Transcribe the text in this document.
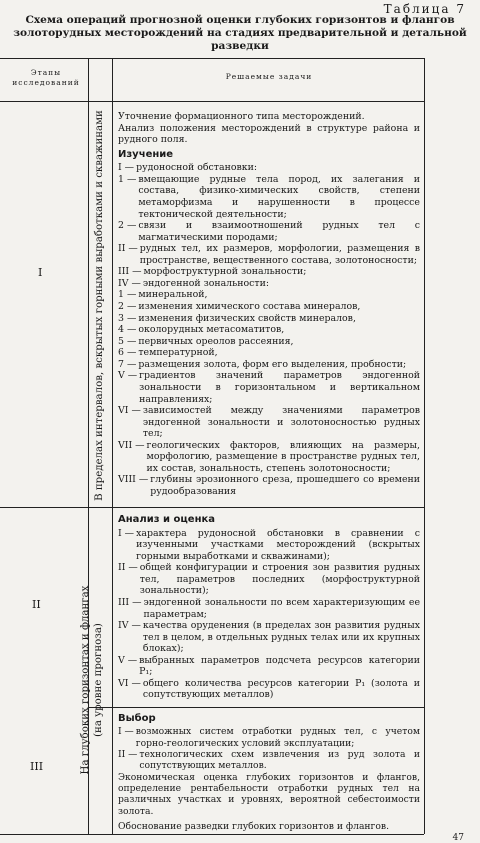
Таблица 7
Схема операций прогнозной оценки глубоких горизонтов и флангов
золоторудных месторождений на стадиях предварительной и детальной разведки
Этапы
исследований
Решаемые задачи
I
II
III
В пределах интервалов, вскрытых горными выработками и скважинами
На глубоких горизонтах и флангах (на уровне прогноза)

Уточнение формационного типа месторождений.

Анализ положения месторождений в структуре района и рудного поля.

Изучение

I — рудоносной обстановки:
1 — вмещающие рудные тела пород, их залегания и состава, физико-химических свойств, степени метаморфизма и нарушенности в процессе тектонической деятельности;
2 — связи и взаимоотношений рудных тел с магматическими породами;
II — рудных тел, их размеров, морфологии, размещения в пространстве, вещественного состава, золотоносности;
III — морфоструктурной зональности;
IV — эндогенной зональности:
1 — минеральной,
2 — изменения химического состава минералов,
3 — изменения физических свойств минералов,
4 — околорудных метасоматитов,
5 — первичных ореолов рассеяния,
6 — температурной,
7 — размещения золота, форм его выделения, пробности;
V — градиентов значений параметров эндогенной зональности в горизонтальном и вертикальном направлениях;
VI — зависимостей между значениями параметров эндогенной зональности и золотоносностью рудных тел;
VII — геологических факторов, влияющих на размеры, морфологию, размещение в пространстве рудных тел, их состав, зональность, степень золотоносности;
VIII — глубины эрозионного среза, прошедшего со времени рудообразования

Анализ и оценка

I — характера рудоносной обстановки в сравнении с изученными участками месторождений (вскрытых горными выработками и скважинами);
II — общей конфигурации и строения зон развития рудных тел, параметров последних (морфоструктурной зональности);
III — эндогенной зональности по всем характеризующим ее параметрам;
IV — качества оруденения (в пределах зон развития рудных тел в целом, в отдельных рудных телах или их крупных блоках);
V — выбранных параметров подсчета ресурсов категории P₁;
VI — общего количества ресурсов категории P₁ (золота и сопутствующих металлов)

Выбор

I — возможных систем отработки рудных тел, с учетом горно-геологических условий эксплуатации;
II — технологических схем извлечения из руд золота и сопутствующих металлов.

Экономическая оценка глубоких горизонтов и флангов, определение рентабельности отработки рудных тел на различных участках и уровнях, вероятной себестоимости золота.

Обоснование разведки глубоких горизонтов и флангов.

47
